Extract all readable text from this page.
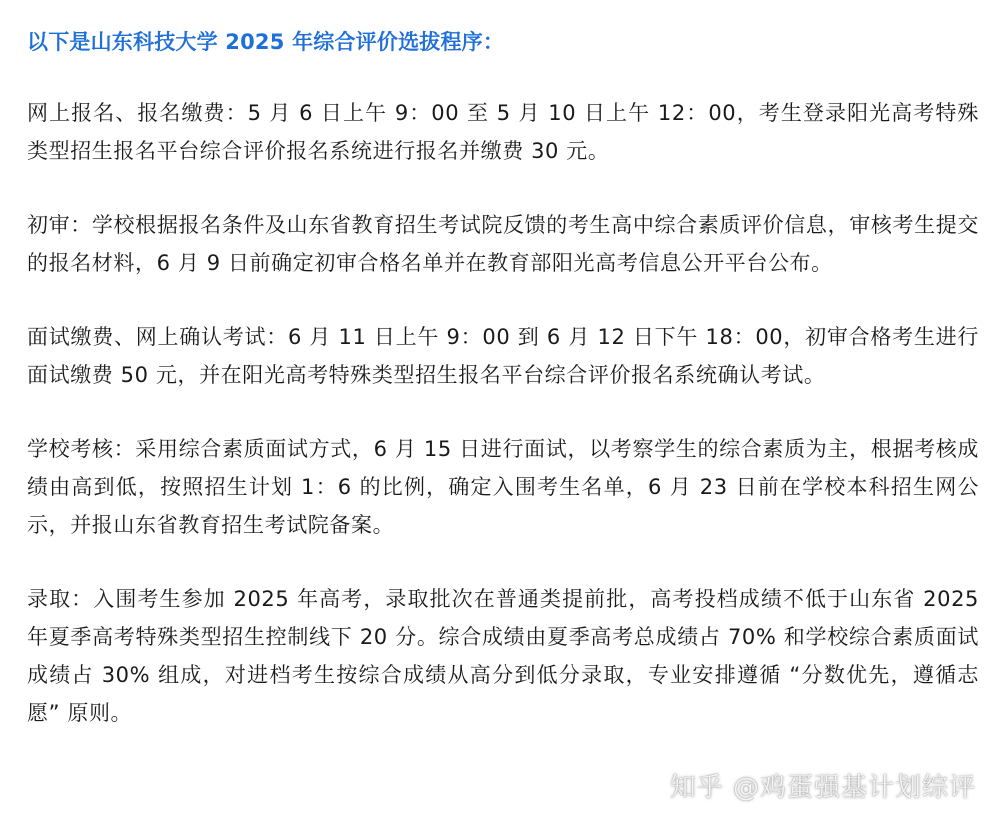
以下是山东科技大学 2025 年综合评价选拔程序：

网上报名、报名缴费：5 月 6 日上午 9：00 至 5 月 10 日上午 12：00，考生登录阳光高考特殊类型招生报名平台综合评价报名系统进行报名并缴费 30 元。

初审：学校根据报名条件及山东省教育招生考试院反馈的考生高中综合素质评价信息，审核考生提交的报名材料，6 月 9 日前确定初审合格名单并在教育部阳光高考信息公开平台公布。

面试缴费、网上确认考试：6 月 11 日上午 9：00 到 6 月 12 日下午 18：00，初审合格考生进行面试缴费 50 元，并在阳光高考特殊类型招生报名平台综合评价报名系统确认考试。

学校考核：采用综合素质面试方式，6 月 15 日进行面试，以考察学生的综合素质为主，根据考核成绩由高到低，按照招生计划 1：6 的比例，确定入围考生名单，6 月 23 日前在学校本科招生网公示，并报山东省教育招生考试院备案。

录取：入围考生参加 2025 年高考，录取批次在普通类提前批，高考投档成绩不低于山东省 2025 年夏季高考特殊类型招生控制线下 20 分。综合成绩由夏季高考总成绩占 70% 和学校综合素质面试成绩占 30% 组成，对进档考生按综合成绩从高分到低分录取，专业安排遵循 “分数优先，遵循志愿” 原则。

知乎 @鸡蛋强基计划综评
